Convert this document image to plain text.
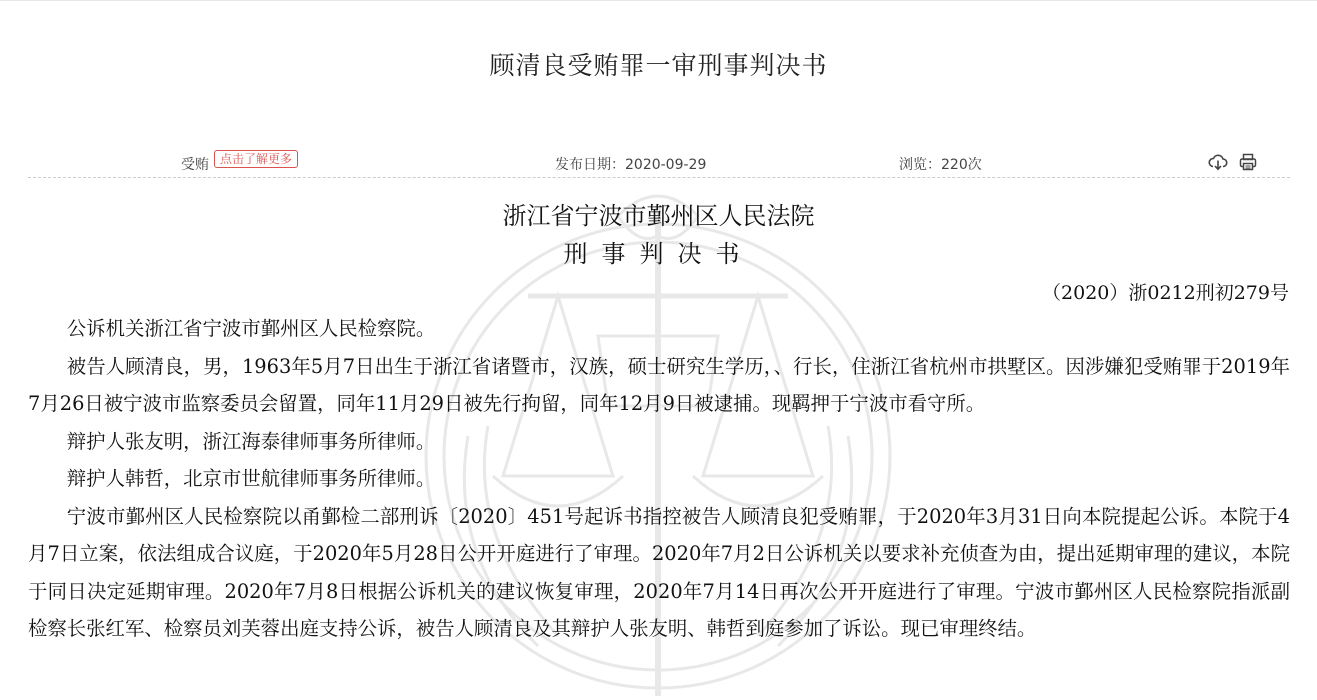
顾清良受贿罪一审刑事判决书
受贿 点击了解更多	发布日期：2020-09-29	浏览：220次
浙江省宁波市鄞州区人民法院
刑事判决书
（2020）浙0212刑初279号

公诉机关浙江省宁波市鄞州区人民检察院。

被告人顾清良，男，1963年5月7日出生于浙江省诸暨市，汉族，硕士研究生学历，、行长，住浙江省杭州市拱墅区。因涉嫌犯受贿罪于2019年7月26日被宁波市监察委员会留置，同年11月29日被先行拘留，同年12月9日被逮捕。现羁押于宁波市看守所。

辩护人张友明，浙江海泰律师事务所律师。

辩护人韩哲，北京市世航律师事务所律师。

宁波市鄞州区人民检察院以甬鄞检二部刑诉〔2020〕451号起诉书指控被告人顾清良犯受贿罪，于2020年3月31日向本院提起公诉。本院于4月7日立案，依法组成合议庭，于2020年5月28日公开开庭进行了审理。2020年7月2日公诉机关以要求补充侦查为由，提出延期审理的建议，本院于同日决定延期审理。2020年7月8日根据公诉机关的建议恢复审理，2020年7月14日再次公开开庭进行了审理。宁波市鄞州区人民检察院指派副检察长张红军、检察员刘芙蓉出庭支持公诉，被告人顾清良及其辩护人张友明、韩哲到庭参加了诉讼。现已审理终结。
